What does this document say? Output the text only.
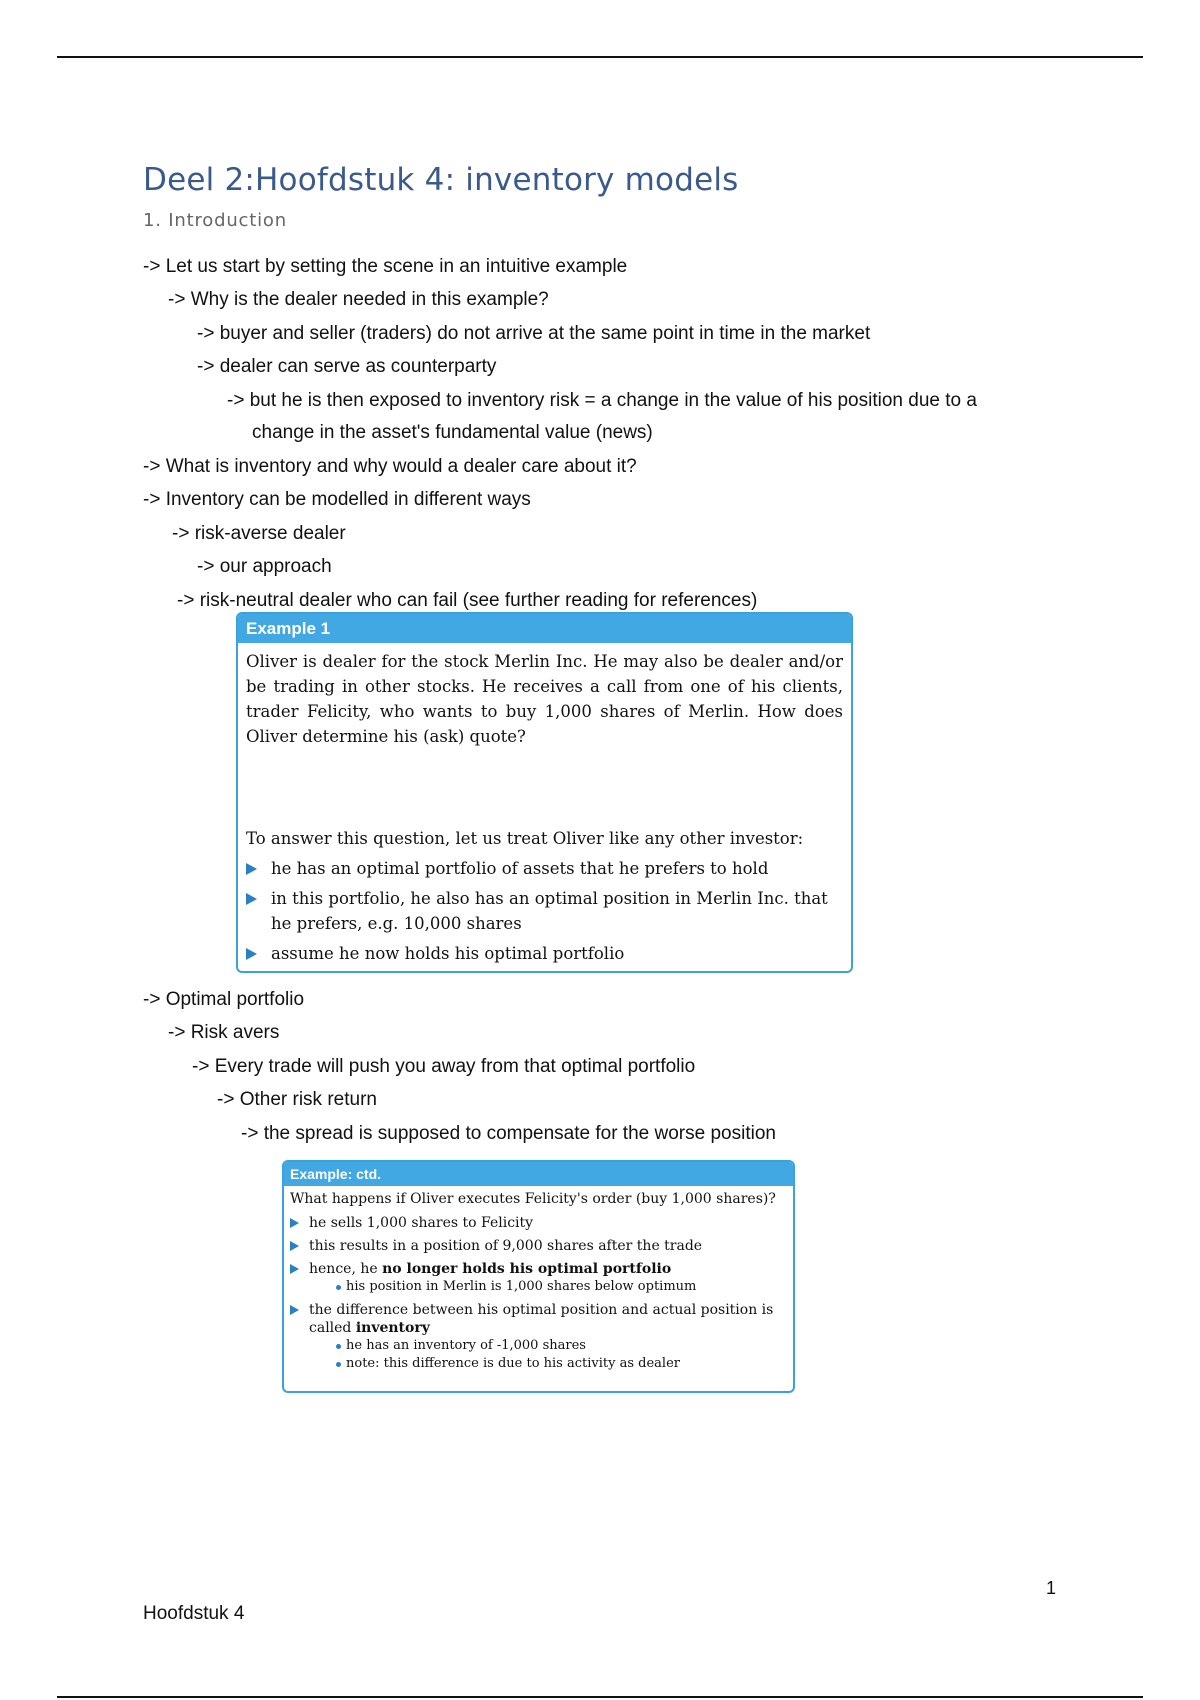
Deel 2:Hoofdstuk 4: inventory models
1. Introduction
-> Let us start by setting the scene in an intuitive example
-> Why is the dealer needed in this example?
-> buyer and seller (traders) do not arrive at the same point in time in the market
-> dealer can serve as counterparty
-> but he is then exposed to inventory risk = a change in the value of his position due to a
change in the asset's fundamental value (news)
-> What is inventory and why would a dealer care about it?
-> Inventory can be modelled in different ways
-> risk-averse dealer
-> our approach
-> risk-neutral dealer who can fail (see further reading for references)
Example 1

Oliver is dealer for the stock Merlin Inc. He may also be dealer and/or be trading in other stocks. He receives a call from one of his clients, trader Felicity, who wants to buy 1,000 shares of Merlin. How does Oliver determine his (ask) quote?

To answer this question, let us treat Oliver like any other investor:

he has an optimal portfolio of assets that he prefers to hold
in this portfolio, he also has an optimal position in Merlin Inc. that he prefers, e.g. 10,000 shares
assume he now holds his optimal portfolio
-> Optimal portfolio
-> Risk avers
-> Every trade will push you away from that optimal portfolio
-> Other risk return
-> the spread is supposed to compensate for the worse position
Example: ctd.

What happens if Oliver executes Felicity's order (buy 1,000 shares)?

he sells 1,000 shares to Felicity
this results in a position of 9,000 shares after the trade
hence, he no longer holds his optimal portfolio
his position in Merlin is 1,000 shares below optimum
the difference between his optimal position and actual position is called inventory
he has an inventory of -1,000 shares
note: this difference is due to his activity as dealer
1
Hoofdstuk 4
